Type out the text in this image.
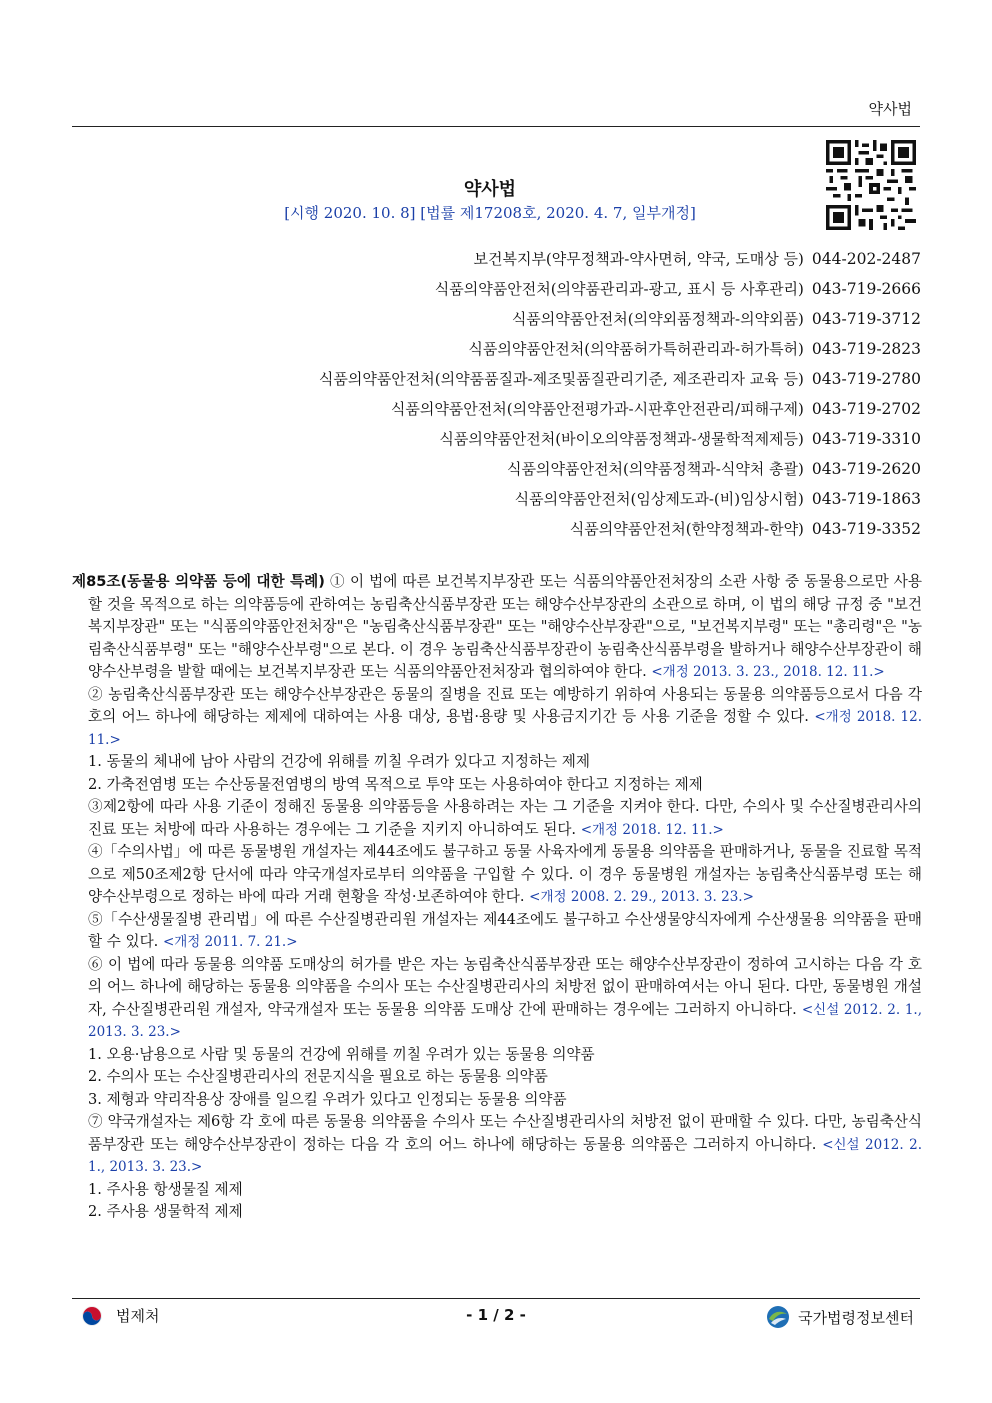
약사법
약사법
[시행 2020. 10. 8] [법률 제17208호, 2020. 4. 7, 일부개정]
보건복지부(약무정책과-약사면허, 약국, 도매상 등) 044-202-2487
식품의약품안전처(의약품관리과-광고, 표시 등 사후관리) 043-719-2666
식품의약품안전처(의약외품정책과-의약외품) 043-719-3712
식품의약품안전처(의약품허가특허관리과-허가특허) 043-719-2823
식품의약품안전처(의약품품질과-제조및품질관리기준, 제조관리자 교육 등) 043-719-2780
식품의약품안전처(의약품안전평가과-시판후안전관리/피해구제) 043-719-2702
식품의약품안전처(바이오의약품정책과-생물학적제제등) 043-719-3310
식품의약품안전처(의약품정책과-식약처 총괄) 043-719-2620
식품의약품안전처(임상제도과-(비)임상시험) 043-719-1863
식품의약품안전처(한약정책과-한약) 043-719-3352

제85조(동물용 의약품 등에 대한 특례) ① 이 법에 따른 보건복지부장관 또는 식품의약품안전처장의 소관 사항 중 동물용으로만 사용할 것을 목적으로 하는 의약품등에 관하여는 농림축산식품부장관 또는 해양수산부장관의 소관으로 하며, 이 법의 해당 규정 중 "보건복지부장관" 또는 "식품의약품안전처장"은 "농림축산식품부장관" 또는 "해양수산부장관"으로, "보건복지부령" 또는 "총리령"은 "농림축산식품부령" 또는 "해양수산부령"으로 본다. 이 경우 농림축산식품부장관이 농림축산식품부령을 발하거나 해양수산부장관이 해양수산부령을 발할 때에는 보건복지부장관 또는 식품의약품안전처장과 협의하여야 한다. <개정 2013. 3. 23., 2018. 12. 11.>

② 농림축산식품부장관 또는 해양수산부장관은 동물의 질병을 진료 또는 예방하기 위하여 사용되는 동물용 의약품등으로서 다음 각 호의 어느 하나에 해당하는 제제에 대하여는 사용 대상, 용법·용량 및 사용금지기간 등 사용 기준을 정할 수 있다. <개정 2018. 12. 11.>

1. 동물의 체내에 남아 사람의 건강에 위해를 끼칠 우려가 있다고 지정하는 제제

2. 가축전염병 또는 수산동물전염병의 방역 목적으로 투약 또는 사용하여야 한다고 지정하는 제제

③제2항에 따라 사용 기준이 정해진 동물용 의약품등을 사용하려는 자는 그 기준을 지켜야 한다. 다만, 수의사 및 수산질병관리사의 진료 또는 처방에 따라 사용하는 경우에는 그 기준을 지키지 아니하여도 된다. <개정 2018. 12. 11.>

④「수의사법」에 따른 동물병원 개설자는 제44조에도 불구하고 동물 사육자에게 동물용 의약품을 판매하거나, 동물을 진료할 목적으로 제50조제2항 단서에 따라 약국개설자로부터 의약품을 구입할 수 있다. 이 경우 동물병원 개설자는 농림축산식품부령 또는 해양수산부령으로 정하는 바에 따라 거래 현황을 작성·보존하여야 한다. <개정 2008. 2. 29., 2013. 3. 23.>

⑤「수산생물질병 관리법」에 따른 수산질병관리원 개설자는 제44조에도 불구하고 수산생물양식자에게 수산생물용 의약품을 판매할 수 있다. <개정 2011. 7. 21.>

⑥ 이 법에 따라 동물용 의약품 도매상의 허가를 받은 자는 농림축산식품부장관 또는 해양수산부장관이 정하여 고시하는 다음 각 호의 어느 하나에 해당하는 동물용 의약품을 수의사 또는 수산질병관리사의 처방전 없이 판매하여서는 아니 된다. 다만, 동물병원 개설자, 수산질병관리원 개설자, 약국개설자 또는 동물용 의약품 도매상 간에 판매하는 경우에는 그러하지 아니하다. <신설 2012. 2. 1., 2013. 3. 23.>

1. 오용·남용으로 사람 및 동물의 건강에 위해를 끼칠 우려가 있는 동물용 의약품

2. 수의사 또는 수산질병관리사의 전문지식을 필요로 하는 동물용 의약품

3. 제형과 약리작용상 장애를 일으킬 우려가 있다고 인정되는 동물용 의약품

⑦ 약국개설자는 제6항 각 호에 따른 동물용 의약품을 수의사 또는 수산질병관리사의 처방전 없이 판매할 수 있다. 다만, 농림축산식품부장관 또는 해양수산부장관이 정하는 다음 각 호의 어느 하나에 해당하는 동물용 의약품은 그러하지 아니하다. <신설 2012. 2. 1., 2013. 3. 23.>

1. 주사용 항생물질 제제

2. 주사용 생물학적 제제

법제처	- 1 / 2 -	국가법령정보센터
